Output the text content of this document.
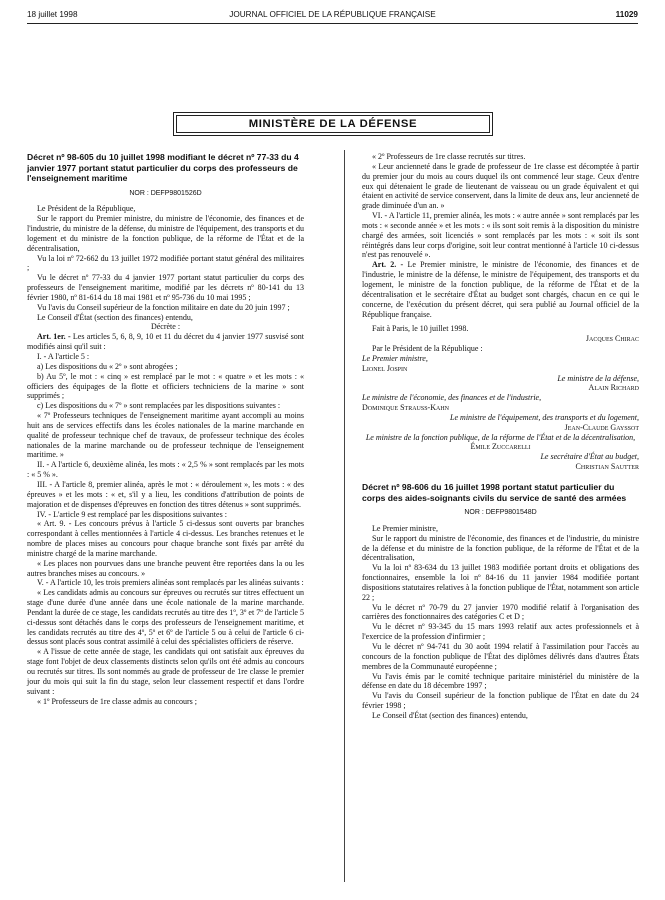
18 juillet 1998	JOURNAL OFFICIEL DE LA RÉPUBLIQUE FRANÇAISE	11029
MINISTÈRE DE LA DÉFENSE
Décret nº 98-605 du 10 juillet 1998 modifiant le décret nº 77-33 du 4 janvier 1977 portant statut particulier du corps des professeurs de l'enseignement maritime
NOR : DEFP9801526D

Le Président de la République,

Sur le rapport du Premier ministre, du ministre de l'économie, des finances et de l'industrie, du ministre de la défense, du ministre de l'équipement, des transports et du logement et du ministre de la fonction publique, de la réforme de l'État et de la décentralisation,

Vu la loi nº 72-662 du 13 juillet 1972 modifiée portant statut général des militaires ;

Vu le décret nº 77-33 du 4 janvier 1977 portant statut particulier du corps des professeurs de l'enseignement maritime, modifié par les décrets nº 80-141 du 13 février 1980, nº 81-614 du 18 mai 1981 et nº 95-736 du 10 mai 1995 ;

Vu l'avis du Conseil supérieur de la fonction militaire en date du 20 juin 1997 ;

Le Conseil d'État (section des finances) entendu,

Décrète :

Art. 1er. - Les articles 5, 6, 8, 9, 10 et 11 du décret du 4 janvier 1977 susvisé sont modifiés ainsi qu'il suit :

I. - A l'article 5 :

a) Les dispositions du « 2º » sont abrogées ;

b) Au 5º, le mot : « cinq » est remplacé par le mot : « quatre » et les mots : « officiers des équipages de la flotte et officiers techniciens de la marine » sont supprimés ;

c) Les dispositions du « 7º » sont remplacées par les dispositions suivantes :

« 7º Professeurs techniques de l'enseignement maritime ayant accompli au moins huit ans de services effectifs dans les écoles nationales de la marine marchande en qualité de professeur technique chef de travaux, de professeur technique des écoles nationales de la marine marchande ou de professeur technique de l'enseignement maritime. »

II. - A l'article 6, deuxième alinéa, les mots : « 2,5 % » sont remplacés par les mots : « 5 % ».

III. - A l'article 8, premier alinéa, après le mot : « déroulement », les mots : « des épreuves » et les mots : « et, s'il y a lieu, les conditions d'attribution de points de majoration et de dispenses d'épreuves en fonction des titres détenus » sont supprimés.

IV. - L'article 9 est remplacé par les dispositions suivantes :

« Art. 9. - Les concours prévus à l'article 5 ci-dessus sont ouverts par branches correspondant à celles mentionnées à l'article 4 ci-dessus. Les branches retenues et le nombre de places mises au concours pour chaque branche sont fixés par arrêté du ministre chargé de la marine marchande.

« Les places non pourvues dans une branche peuvent être reportées dans la ou les autres branches mises au concours. »

V. - A l'article 10, les trois premiers alinéas sont remplacés par les alinéas suivants :

« Les candidats admis au concours sur épreuves ou recrutés sur titres effectuent un stage d'une durée d'une année dans une école nationale de la marine marchande. Pendant la durée de ce stage, les candidats recrutés au titre des 1º, 3º et 7º de l'article 5 ci-dessus sont détachés dans le corps des professeurs de l'enseignement maritime, et les candidats recrutés au titre des 4º, 5º et 6º de l'article 5 ou à celui de l'article 6 ci-dessus sont placés sous contrat assimilé à celui des spécialistes officiers de réserve.

« A l'issue de cette année de stage, les candidats qui ont satisfait aux épreuves du stage font l'objet de deux classements distincts selon qu'ils ont été admis au concours ou recrutés sur titres. Ils sont nommés au grade de professeur de 1re classe le premier jour du mois qui suit la fin du stage, selon leur classement respectif et dans l'ordre suivant :

« 1º Professeurs de 1re classe admis au concours ;

« 2º Professeurs de 1re classe recrutés sur titres.

« Leur ancienneté dans le grade de professeur de 1re classe est décomptée à partir du premier jour du mois au cours duquel ils ont commencé leur stage. Ceux d'entre eux qui détenaient le grade de lieutenant de vaisseau ou un grade équivalent et qui étaient en activité de service conservent, dans la limite de deux ans, leur ancienneté de grade diminuée d'un an. »

VI. - A l'article 11, premier alinéa, les mots : « autre année » sont remplacés par les mots : « seconde année » et les mots : « ils sont soit remis à la disposition du ministre chargé des armées, soit licenciés » sont remplacés par les mots : « soit ils sont réintégrés dans leur corps d'origine, soit leur contrat mentionné à l'article 10 ci-dessus n'est pas renouvelé ».

Art. 2. - Le Premier ministre, le ministre de l'économie, des finances et de l'industrie, le ministre de la défense, le ministre de l'équipement, des transports et du logement, le ministre de la fonction publique, de la réforme de l'État et de la décentralisation et le secrétaire d'État au budget sont chargés, chacun en ce qui le concerne, de l'exécution du présent décret, qui sera publié au Journal officiel de la République française.

Fait à Paris, le 10 juillet 1998.

Jacques Chirac

Par le Président de la République :

Le Premier ministre,

Lionel Jospin

Le ministre de la défense,

Alain Richard

Le ministre de l'économie, des finances et de l'industrie,

Dominique Strauss-Kahn

Le ministre de l'équipement, des transports et du logement,

Jean-Claude Gayssot

Le ministre de la fonction publique, de la réforme de l'État et de la décentralisation,

Émile Zuccarelli

Le secrétaire d'État au budget,

Christian Sautter

Décret nº 98-606 du 16 juillet 1998 portant statut particulier du corps des aides-soignants civils du service de santé des armées
NOR : DEFP9801548D

Le Premier ministre,

Sur le rapport du ministre de l'économie, des finances et de l'industrie, du ministre de la défense et du ministre de la fonction publique, de la réforme de l'État et de la décentralisation,

Vu la loi nº 83-634 du 13 juillet 1983 modifiée portant droits et obligations des fonctionnaires, ensemble la loi nº 84-16 du 11 janvier 1984 modifiée portant dispositions statutaires relatives à la fonction publique de l'État, notamment son article 22 ;

Vu le décret nº 70-79 du 27 janvier 1970 modifié relatif à l'organisation des carrières des fonctionnaires des catégories C et D ;

Vu le décret nº 93-345 du 15 mars 1993 relatif aux actes professionnels et à l'exercice de la profession d'infirmier ;

Vu le décret nº 94-741 du 30 août 1994 relatif à l'assimilation pour l'accès au concours de la fonction publique de l'État des diplômes délivrés dans d'autres États membres de la Communauté européenne ;

Vu l'avis émis par le comité technique paritaire ministériel du ministère de la défense en date du 18 décembre 1997 ;

Vu l'avis du Conseil supérieur de la fonction publique de l'État en date du 24 février 1998 ;

Le Conseil d'État (section des finances) entendu,
